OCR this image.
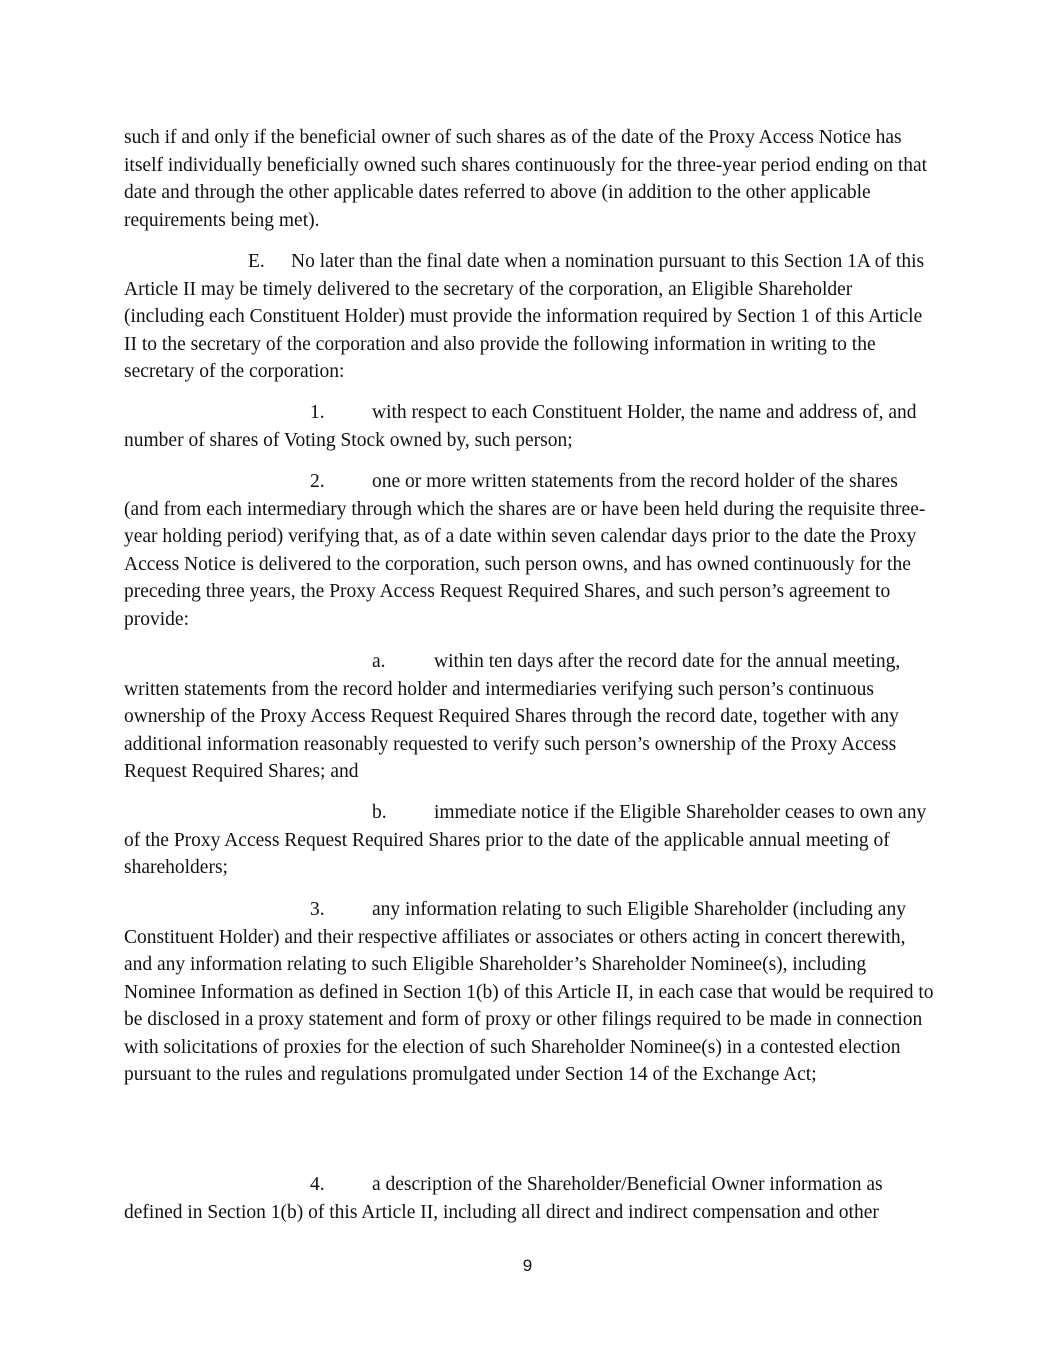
such if and only if the beneficial owner of such shares as of the date of the Proxy Access Notice has itself individually beneficially owned such shares continuously for the three-year period ending on that date and through the other applicable dates referred to above (in addition to the other applicable requirements being met).

E. No later than the final date when a nomination pursuant to this Section 1A of this Article II may be timely delivered to the secretary of the corporation, an Eligible Shareholder (including each Constituent Holder) must provide the information required by Section 1 of this Article II to the secretary of the corporation and also provide the following information in writing to the secretary of the corporation:

1. with respect to each Constituent Holder, the name and address of, and number of shares of Voting Stock owned by, such person;

2. one or more written statements from the record holder of the shares (and from each intermediary through which the shares are or have been held during the requisite three-year holding period) verifying that, as of a date within seven calendar days prior to the date the Proxy Access Notice is delivered to the corporation, such person owns, and has owned continuously for the preceding three years, the Proxy Access Request Required Shares, and such person’s agreement to provide:

a. within ten days after the record date for the annual meeting, written statements from the record holder and intermediaries verifying such person’s continuous ownership of the Proxy Access Request Required Shares through the record date, together with any additional information reasonably requested to verify such person’s ownership of the Proxy Access Request Required Shares; and

b. immediate notice if the Eligible Shareholder ceases to own any of the Proxy Access Request Required Shares prior to the date of the applicable annual meeting of shareholders;

3. any information relating to such Eligible Shareholder (including any Constituent Holder) and their respective affiliates or associates or others acting in concert therewith, and any information relating to such Eligible Shareholder’s Shareholder Nominee(s), including Nominee Information as defined in Section 1(b) of this Article II, in each case that would be required to be disclosed in a proxy statement and form of proxy or other filings required to be made in connection with solicitations of proxies for the election of such Shareholder Nominee(s) in a contested election pursuant to the rules and regulations promulgated under Section 14 of the Exchange Act;

4. a description of the Shareholder/Beneficial Owner information as defined in Section 1(b) of this Article II, including all direct and indirect compensation and other

9
